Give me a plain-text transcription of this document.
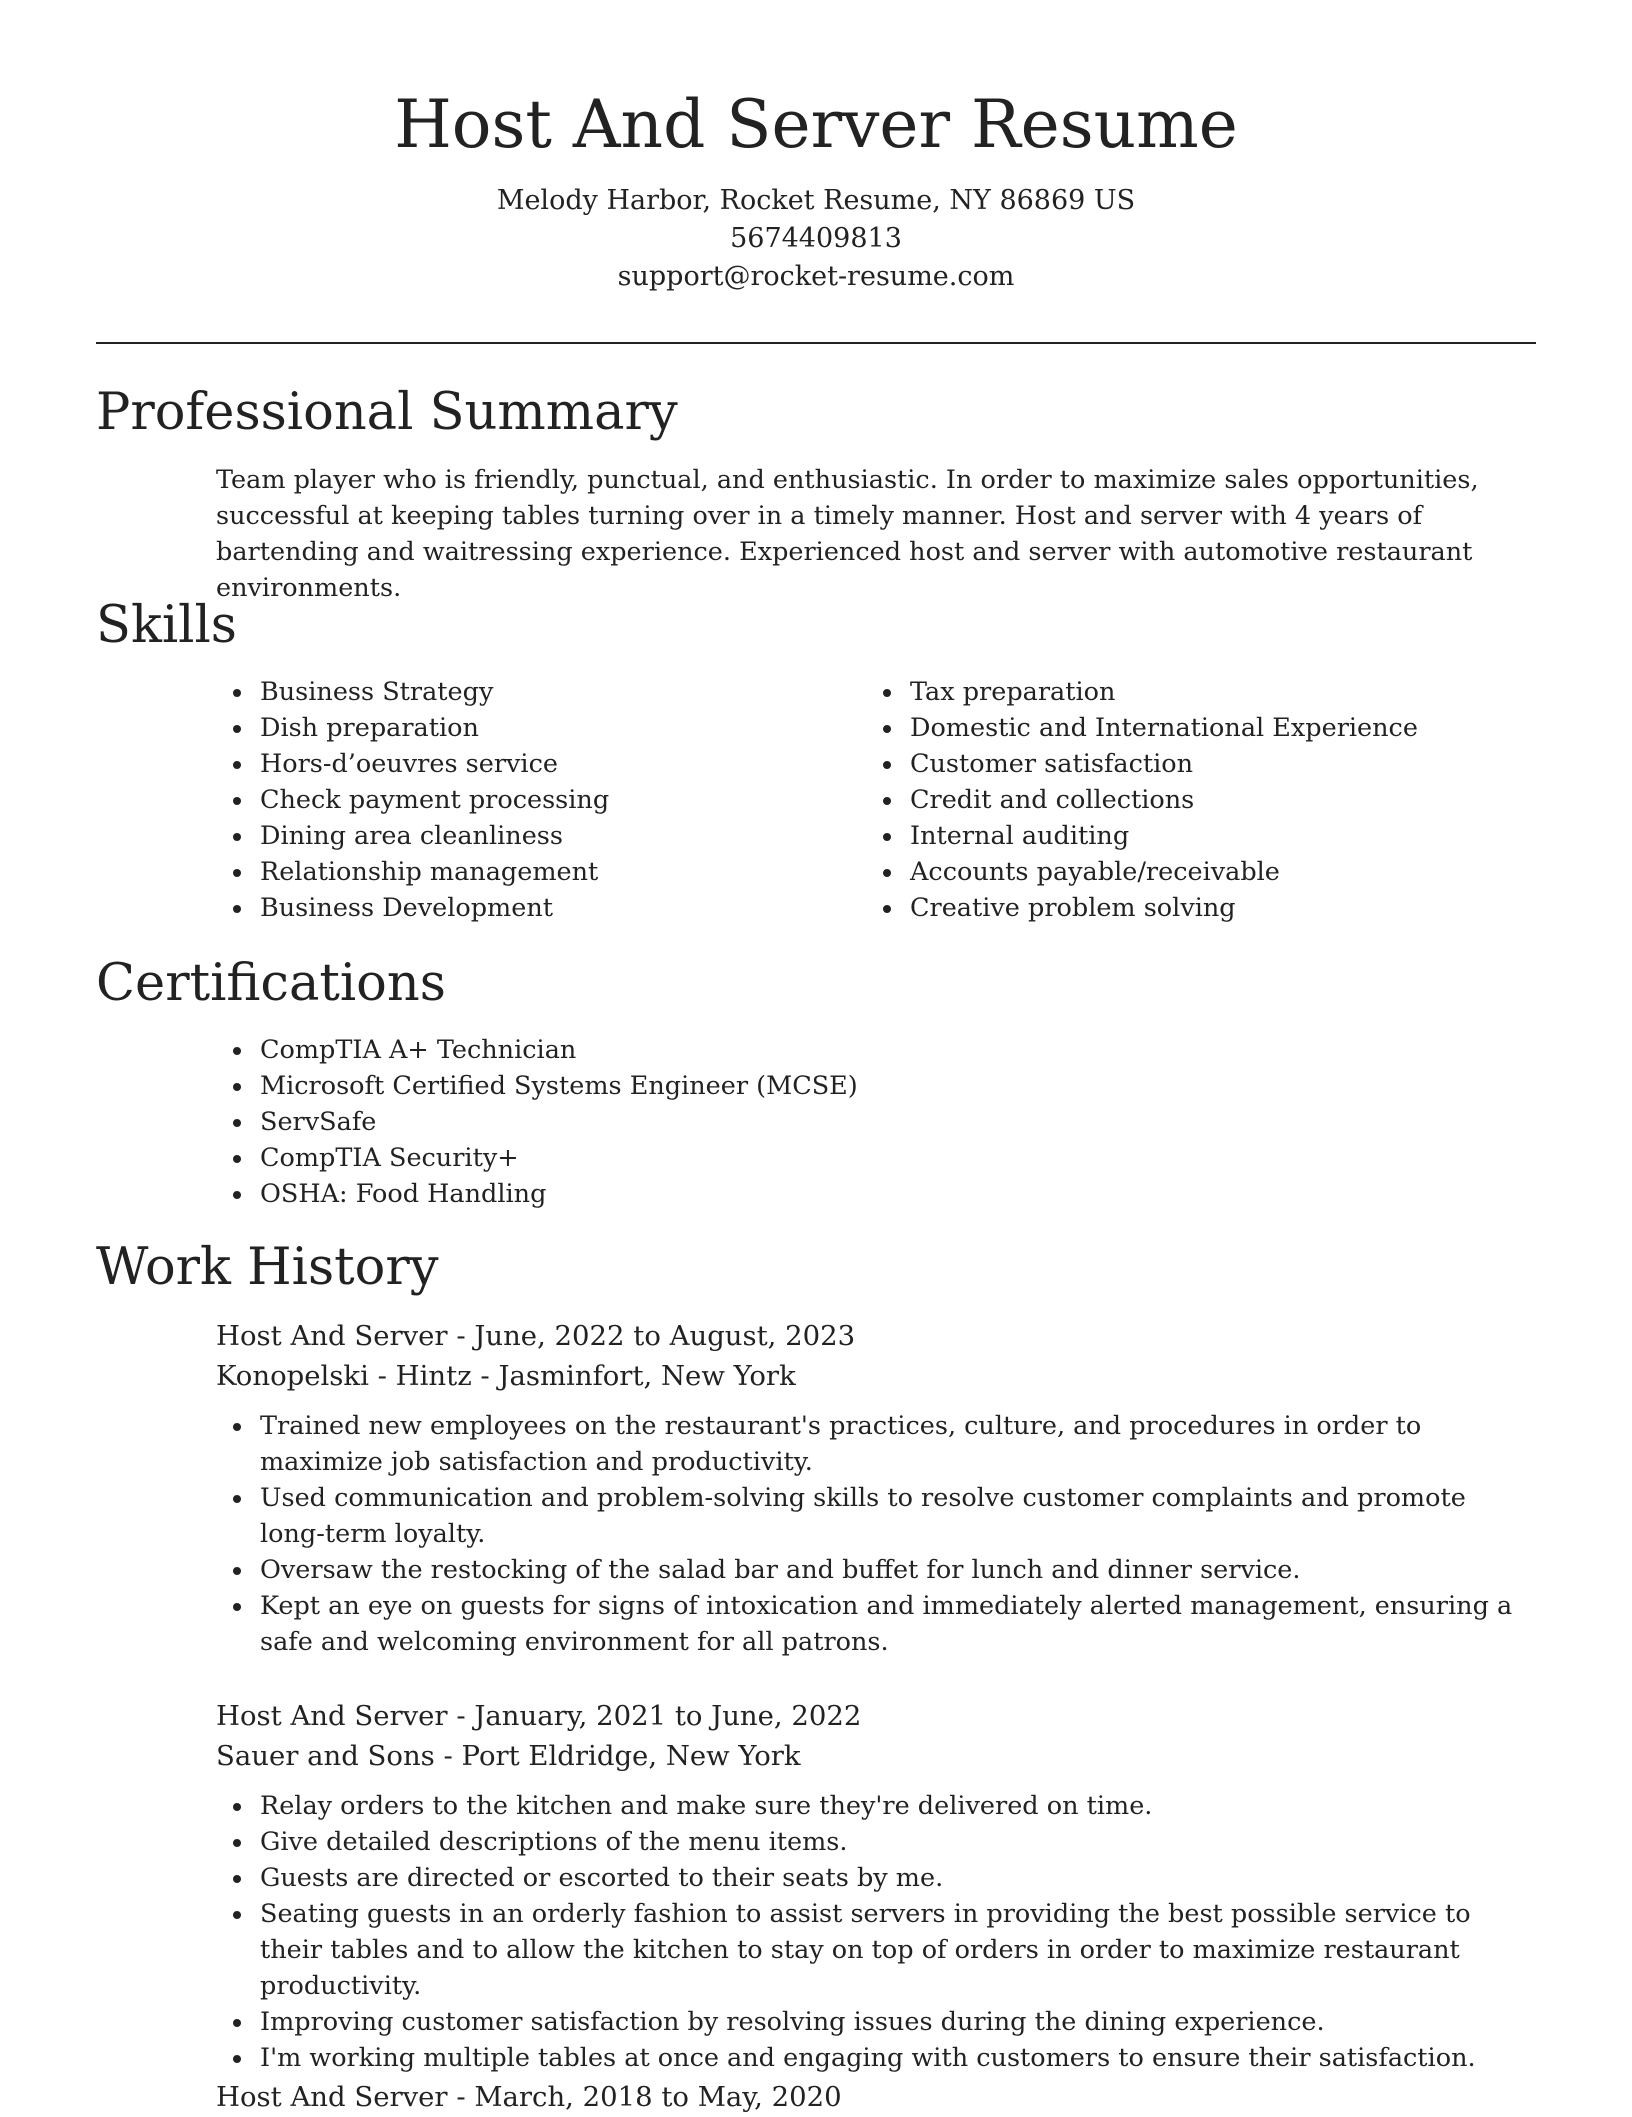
Host And Server Resume

Melody Harbor, Rocket Resume, NY 86869 US

5674409813

support@rocket-resume.com

Professional Summary

Team player who is friendly, punctual, and enthusiastic. In order to maximize sales opportunities, successful at keeping tables turning over in a timely manner. Host and server with 4 years of bartending and waitressing experience. Experienced host and server with automotive restaurant environments.

Skills
Business Strategy
Dish preparation
Hors-d’oeuvres service
Check payment processing
Dining area cleanliness
Relationship management
Business Development
Tax preparation
Domestic and International Experience
Customer satisfaction
Credit and collections
Internal auditing
Accounts payable/receivable
Creative problem solving
Certifications
CompTIA A+ Technician
Microsoft Certified Systems Engineer (MCSE)
ServSafe
CompTIA Security+
OSHA: Food Handling
Work History

Host And Server - June, 2022 to August, 2023

Konopelski - Hintz - Jasminfort, New York

Trained new employees on the restaurant's practices, culture, and procedures in order to maximize job satisfaction and productivity.
Used communication and problem-solving skills to resolve customer complaints and promote long-term loyalty.
Oversaw the restocking of the salad bar and buffet for lunch and dinner service.
Kept an eye on guests for signs of intoxication and immediately alerted management, ensuring a safe and welcoming environment for all patrons.

Host And Server - January, 2021 to June, 2022

Sauer and Sons - Port Eldridge, New York

Relay orders to the kitchen and make sure they're delivered on time.
Give detailed descriptions of the menu items.
Guests are directed or escorted to their seats by me.
Seating guests in an orderly fashion to assist servers in providing the best possible service to their tables and to allow the kitchen to stay on top of orders in order to maximize restaurant productivity.
Improving customer satisfaction by resolving issues during the dining experience.
I'm working multiple tables at once and engaging with customers to ensure their satisfaction.

Host And Server - March, 2018 to May, 2020
